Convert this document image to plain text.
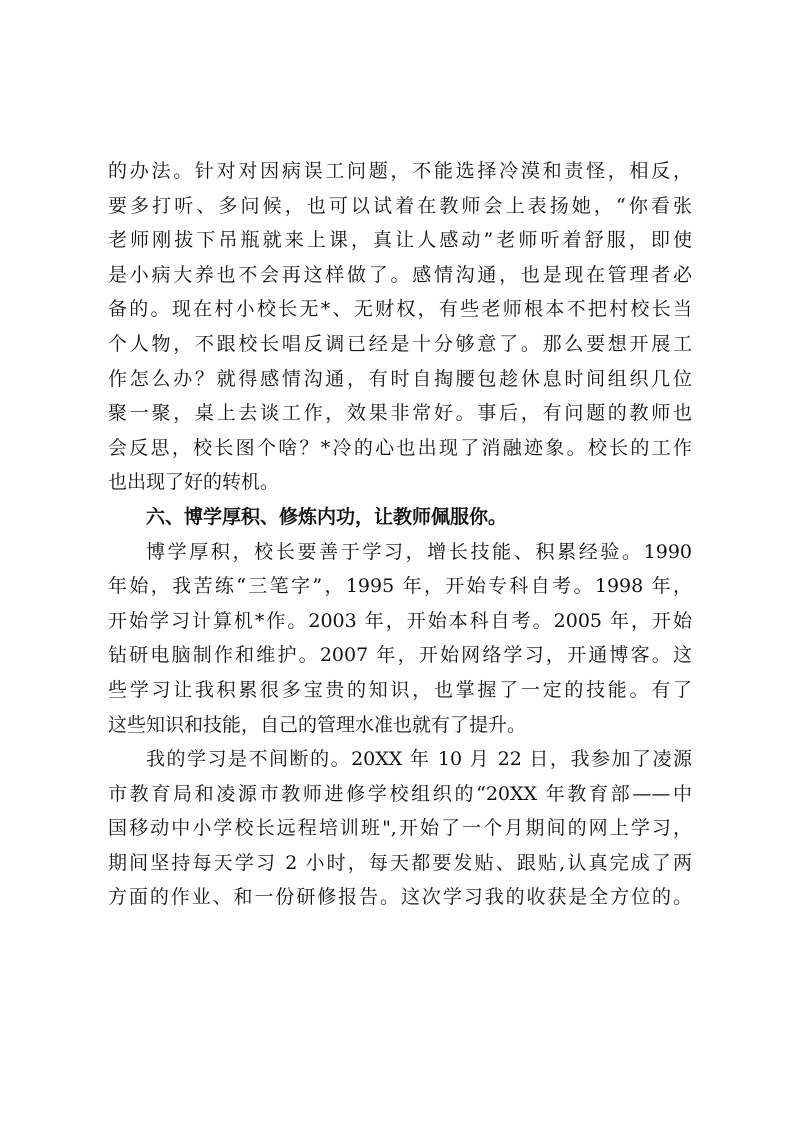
的办法。针对对因病误工问题，不能选择冷漠和责怪，相反，
要多打听、多问候，也可以试着在教师会上表扬她，“你看张
老师刚拔下吊瓶就来上课，真让人感动”老师听着舒服，即使
是小病大养也不会再这样做了。感情沟通，也是现在管理者必
备的。现在村小校长无*、无财权，有些老师根本不把村校长当
个人物，不跟校长唱反调已经是十分够意了。那么要想开展工
作怎么办？就得感情沟通，有时自掏腰包趁休息时间组织几位
聚一聚，桌上去谈工作，效果非常好。事后，有问题的教师也
会反思，校长图个啥？*冷的心也出现了消融迹象。校长的工作
也出现了好的转机。
六、博学厚积、修炼内功，让教师佩服你。
博学厚积，校长要善于学习，增长技能、积累经验。1990
年始，我苦练“三笔字”，1995 年，开始专科自考。1998 年，
开始学习计算机*作。2003 年，开始本科自考。2005 年，开始
钻研电脑制作和维护。2007 年，开始网络学习，开通博客。这
些学习让我积累很多宝贵的知识，也掌握了一定的技能。有了
这些知识和技能，自己的管理水准也就有了提升。
我的学习是不间断的。20XX 年 10 月 22 日，我参加了凌源
市教育局和凌源市教师进修学校组织的“20XX 年教育部——中
国移动中小学校长远程培训班",开始了一个月期间的网上学习，
期间坚持每天学习 2 小时，每天都要发贴、跟贴,认真完成了两
方面的作业、和一份研修报告。这次学习我的收获是全方位的。
